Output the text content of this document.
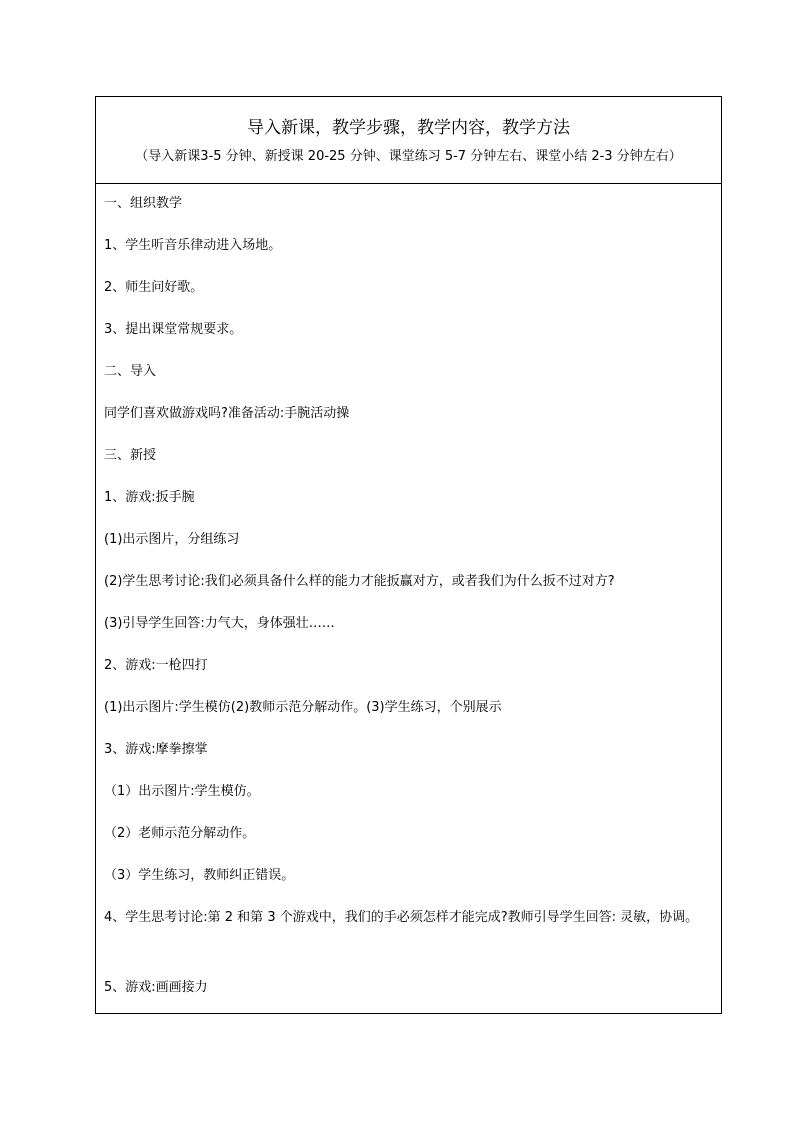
导入新课，教学步骤，教学内容，教学方法
（导入新课3-5 分钟、新授课 20-25 分钟、课堂练习 5-7 分钟左右、课堂小结 2-3 分钟左右）
一、组织教学
1、学生听音乐律动进入场地。
2、师生问好歌。
3、提出课堂常规要求。
二、导入
同学们喜欢做游戏吗?准备活动:手腕活动操
三、新授
1、游戏:扳手腕
(1)出示图片，分组练习
(2)学生思考讨论:我们必须具备什么样的能力才能扳赢对方，或者我们为什么扳不过对方?
(3)引导学生回答:力气大，身体强壮……
2、游戏:一枪四打
(1)出示图片:学生模仿(2)教师示范分解动作。(3)学生练习，个别展示
3、游戏:摩拳擦掌
（1）出示图片:学生模仿。
（2）老师示范分解动作。
（3）学生练习，教师纠正错误。
4、学生思考讨论:第 2 和第 3 个游戏中，我们的手必须怎样才能完成?教师引导学生回答: 灵敏，协调。
5、游戏:画画接力
